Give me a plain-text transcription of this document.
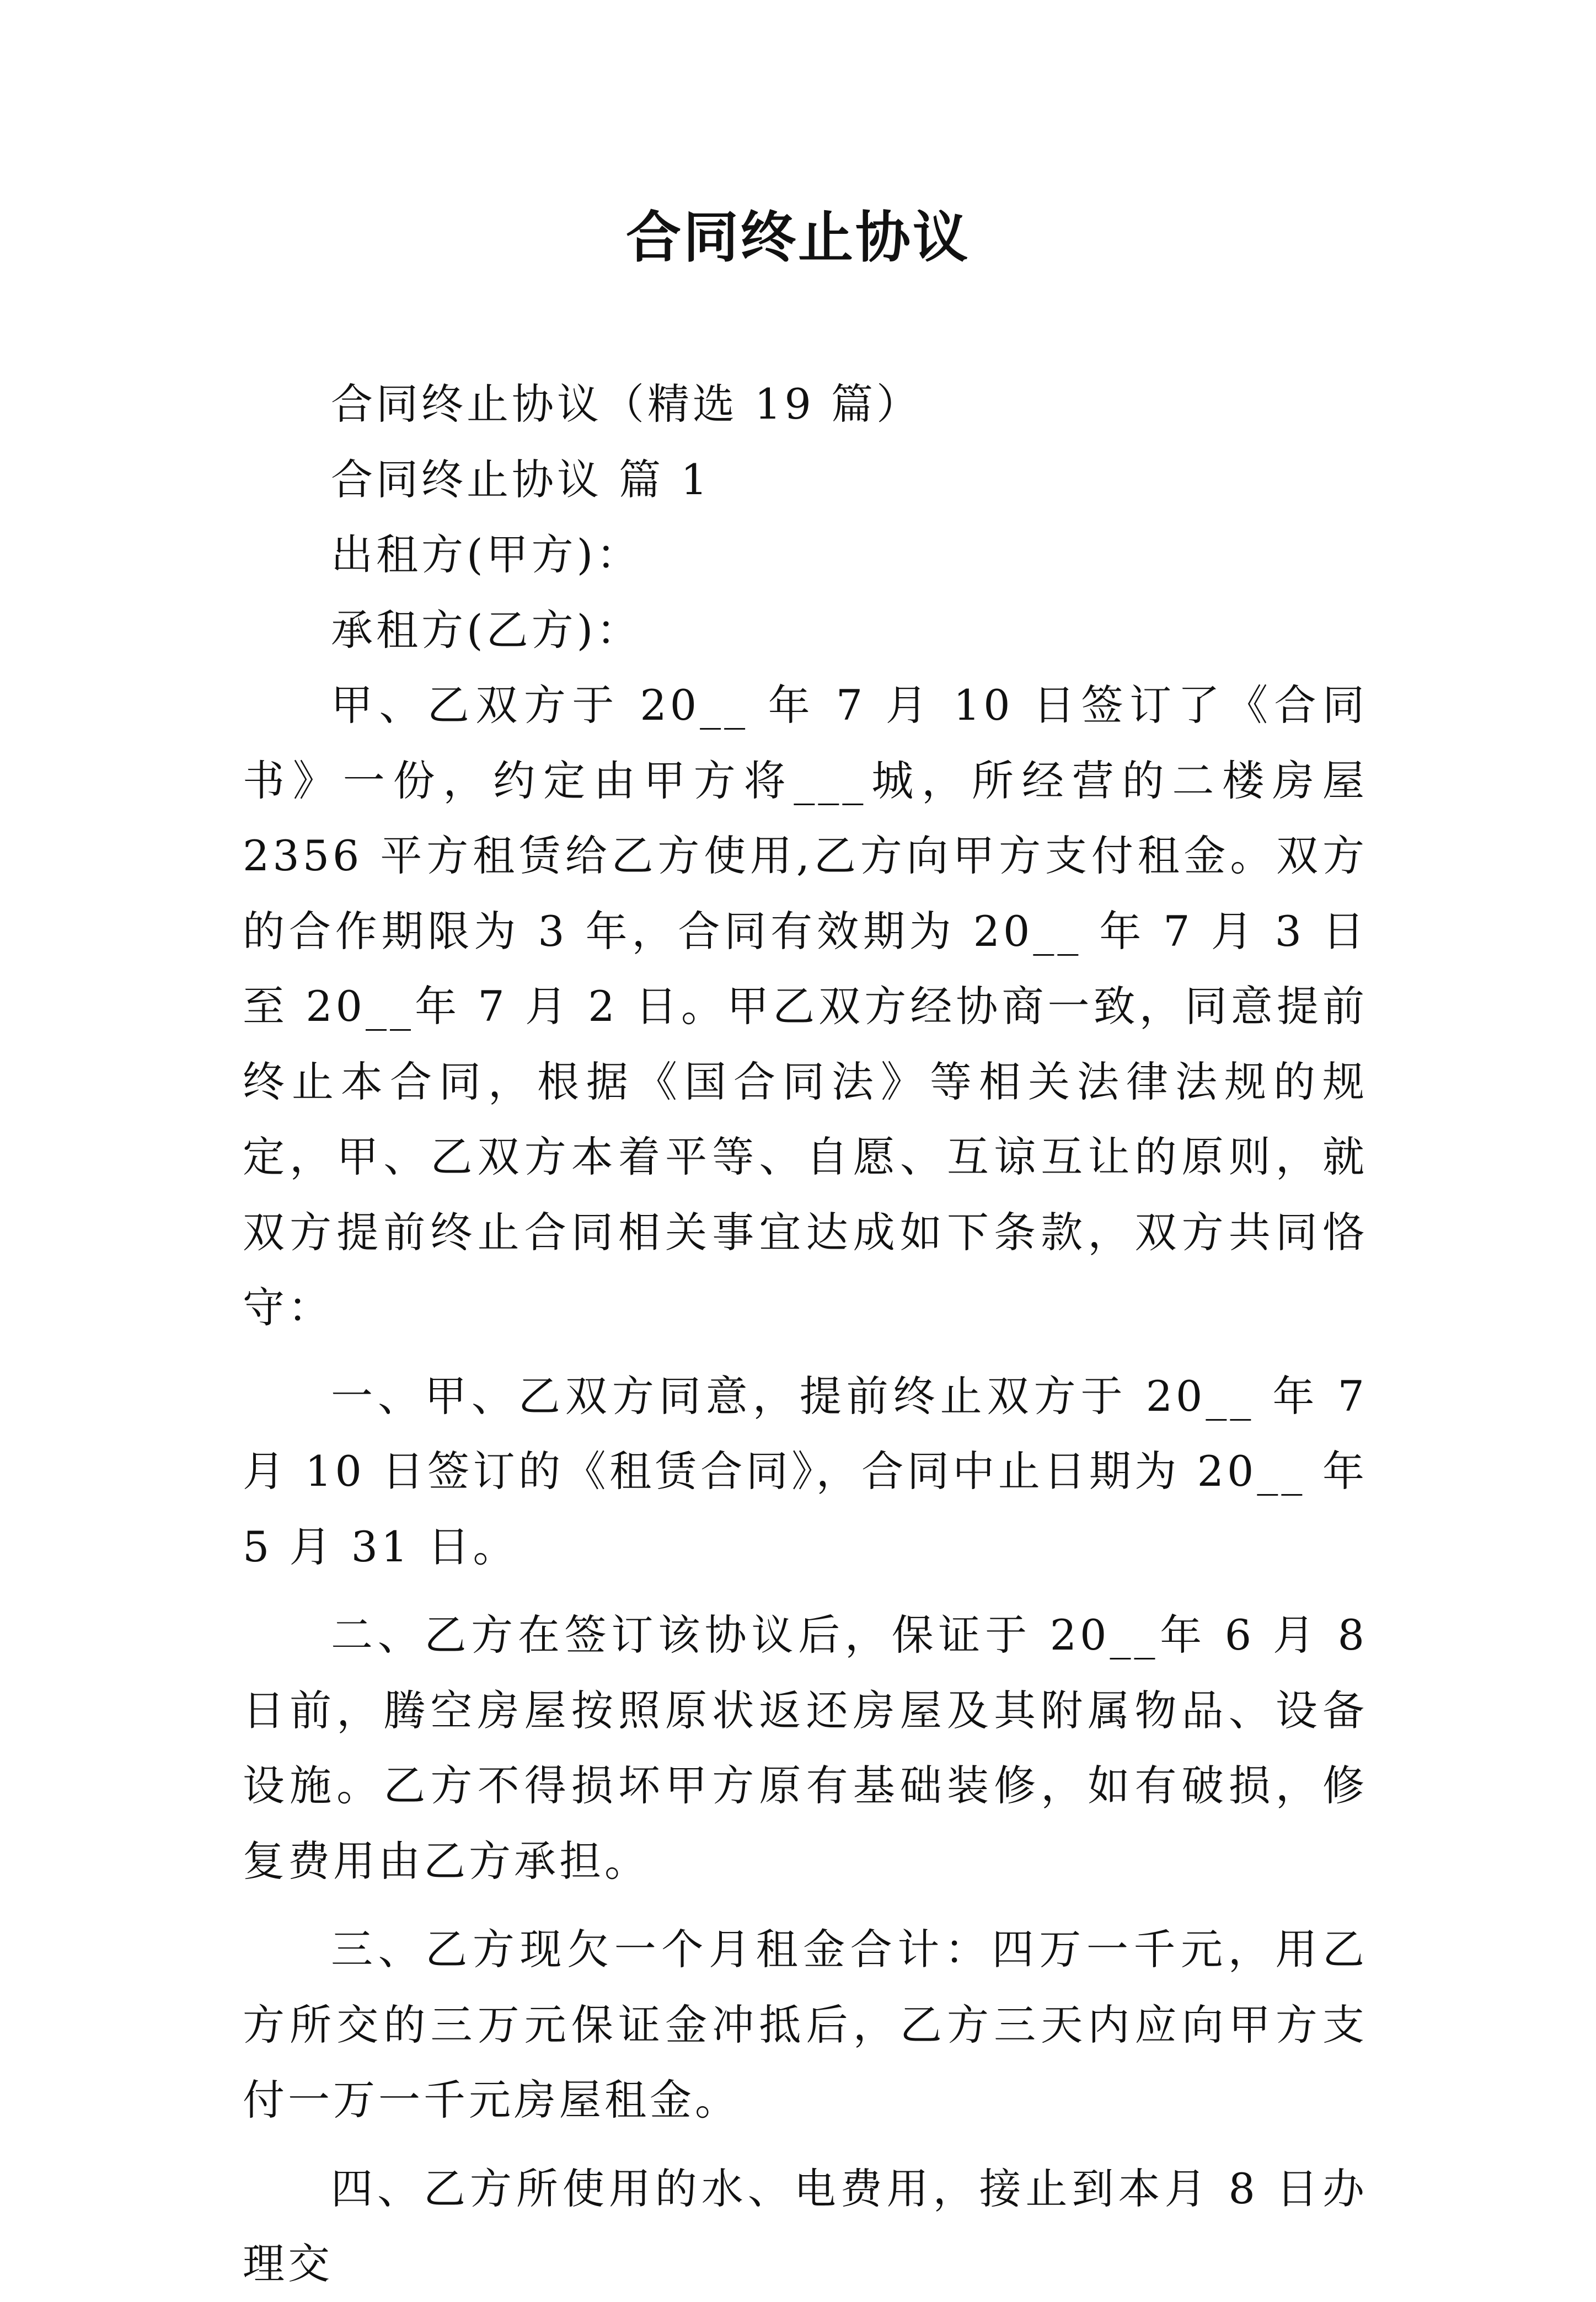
合同终止协议

合同终止协议（精选 19 篇）

合同终止协议 篇 1

出租方(甲方)：

承租方(乙方)：

甲、乙双方于 20__ 年 7 月 10 日签订了《合同书》一份，约定由甲方将___城，所经营的二楼房屋 2356 平方租赁给乙方使用,乙方向甲方支付租金。双方的合作期限为 3 年，合同有效期为 20__ 年 7 月 3 日至 20__年 7 月 2 日。甲乙双方经协商一致，同意提前终止本合同，根据《国合同法》等相关法律法规的规定，甲、乙双方本着平等、自愿、互谅互让的原则，就双方提前终止合同相关事宜达成如下条款，双方共同恪守：

一、甲、乙双方同意，提前终止双方于 20__ 年 7 月 10 日签订的《租赁合同》，合同中止日期为 20__ 年 5 月 31 日。

二、乙方在签订该协议后，保证于 20__年 6 月 8 日前，腾空房屋按照原状返还房屋及其附属物品、设备设施。乙方不得损坏甲方原有基础装修，如有破损，修复费用由乙方承担。

三、乙方现欠一个月租金合计：四万一千元，用乙方所交的三万元保证金冲抵后，乙方三天内应向甲方支付一万一千元房屋租金。

四、乙方所使用的水、电费用，接止到本月 8 日办理交
